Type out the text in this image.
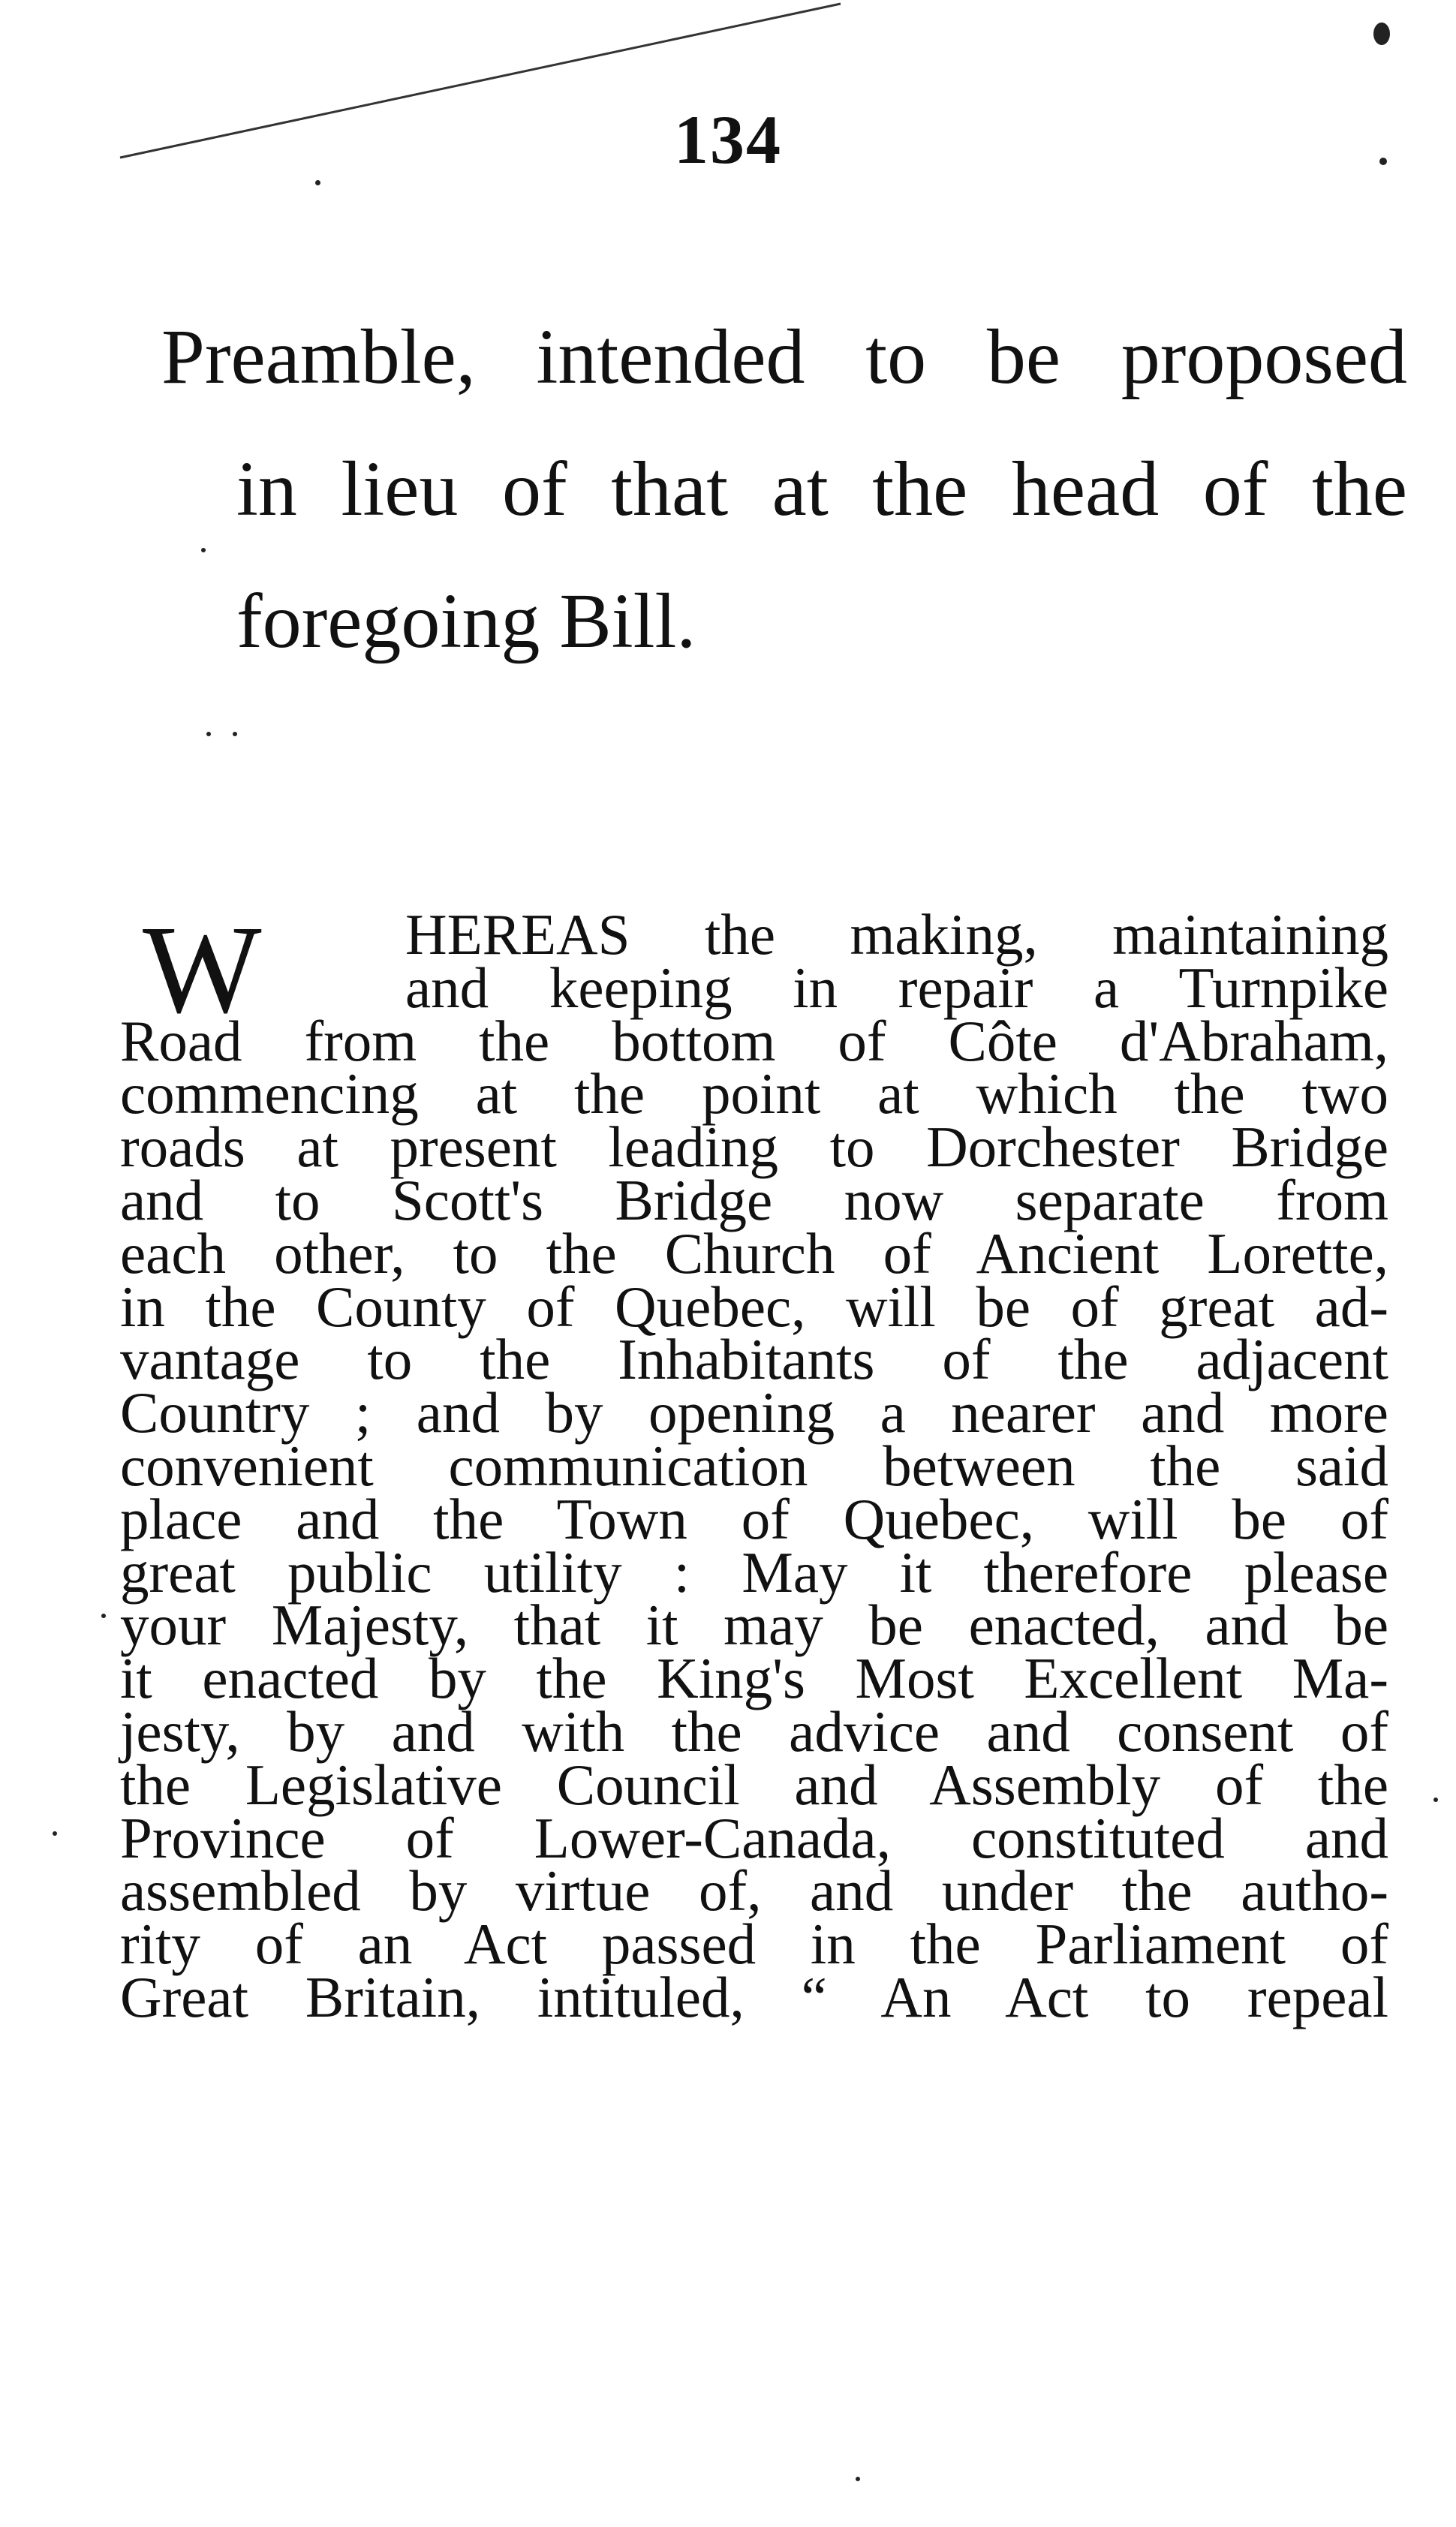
134
Preamble, intended to be proposed
in lieu of that at the head of the
foregoing Bill.
W	HEREAS the making, maintaining
and keeping in repair a Turnpike
Road from the bottom of Côte d'Abraham,
commencing at the point at which the two
roads at present leading to Dorchester Bridge
and to Scott's Bridge now separate from
each other, to the Church of Ancient Lorette,
in the County of Quebec, will be of great ad-
vantage to the Inhabitants of the adjacent
Country ; and by opening a nearer and more
convenient communication between the said
place and the Town of Quebec, will be of
great public utility : May it therefore please
your Majesty, that it may be enacted, and be
it enacted by the King's Most Excellent Ma-
jesty, by and with the advice and consent of
the Legislative Council and Assembly of the
Province of Lower-Canada, constituted and
assembled by virtue of, and under the autho-
rity of an Act passed in the Parliament of
Great Britain, intituled, “ An Act to repeal
